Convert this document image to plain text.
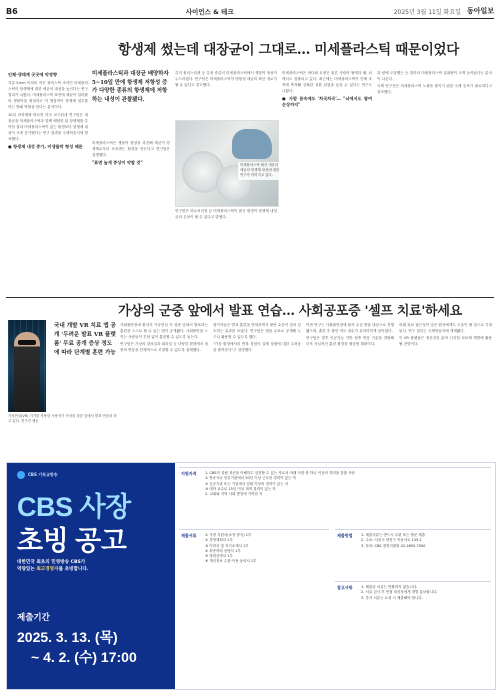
B6	사이언스 & 테크	2025년 3월 11일 화요일 동아일보
항생제 썼는데 대장균이 그대로… 미세플라스틱 때문이었다
인체·생태계 곳곳에 악영향

지름 5mm 이하의 작은 플라스틱 조각인 미세플라스틱이 항생제에 대한 세균의 내성을 높인다는 연구 결과가 나왔다. 미세플라스틱 표면에 세균이 달라붙어 생물막을 형성하고 이 생물막이 항생제 침투를 막는 방패 역할을 한다는 분석이다.

10일 과학계에 따르면 미국 보스턴대 연구팀은 대장균을 미세플라스틱과 함께 배양한 뒤 항생제를 투여한 결과 미세플라스틱이 없는 환경보다 항생제 내성이 크게 증가했다는 연구 결과를 국제학술지에 발표했다.

● 항생제 내성 증가, 미생물막 형성 때문
미세플라스틱과 대장균 배양하자 5~10일 만에 항생제 저항성 증가 다양한 종류의 항생제에 저항하는 내성이 관찰됐다.

미세플라스틱은 생물막 형성을 촉진해 세균이 항생제로부터 보호받는 환경을 만든다고 연구팀은 설명했다.

"표면 높게 증상이 약할 것"

특히 폴리스티렌 등 특정 종류의 미세플라스틱에서 생물막 형성이 두드러졌다. 연구팀은 미세플라스틱이 병원성 세균의 확산 경로가 될 수 있다고 경고했다.

미세플라스틱 확산 대응과 세균의 항생제 내성에 대한 연구가 이어지고 있다.

연구팀은 하수처리장 등 미세플라스틱이 많은 환경이 항생제 내성균의 온상이 될 수 있다고 밝혔다.

미세플라스틱은 바다와 토양은 물론 사람의 혈액과 폐, 뇌에서도 검출되고 있다. 최근에는 미세플라스틱이 인체 조직에 축적돼 심혈관 질환 위험을 높일 수 있다는 연구도 나왔다.

● 사람 몸속에도 '차곡차곡'… "뇌에서도 쌓여 손상까지"

과 양에 도달했는 등 말미의 미세플라스틱 섭취량이 크게 늘어났다는 분석이 나온다.

국제 연구진은 미세플라스틱 노출을 줄이기 위한 국제 공조가 필요하다고 강조했다.

가상의 군중 앞에서 발표 연습… 사회공포증 '셀프 치료'하세요
국내 개발 VR 치료 앱 공개 '두려운 발표 VR 플랫폼' 무료 공개 증상 정도에 따라 단계별 훈련 가능
가상현실(VR) 기기를 착용한 사용자가 가상의 청중 앞에서 발표 연습을 하고 있다. 연구진 제공

사회불안장애 환자가 가상현실 속 청중 앞에서 발표하는 훈련을 스스로 할 수 있는 앱이 공개됐다. 사회불안을 느끼는 사람들이 부담 없이 훈련할 수 있도록 돕는다.

연구팀은 가상의 강의실과 회의실 등 다양한 환경에서 청중의 반응을 단계적으로 조절할 수 있도록 설계했다.

참가자들은 발표 훈련을 반복하면서 불안 수준이 점차 감소하는 효과를 보였다. 연구팀은 앱을 무료로 공개해 누구나 활용할 수 있도록 했다.

"가상 환경에서의 반복 경험이 실제 상황에 대한 두려움을 줄여준다"고 설명했다.

이번 연구는 사회불안장애 환자 수십 명을 대상으로 진행됐으며, 훈련 후 불안 척도 점수가 유의미하게 낮아졌다.

연구팀은 향후 인공지능 기반 청중 반응 기술을 결합해 더욱 사실적인 훈련 환경을 제공할 계획이다.

외래 치료 접근성이 낮은 환자에게도 도움이 될 것으로 기대된다. 연구 결과는 국제학술지에 게재됐다.

이 VR 플랫폼은 정신건강 분야 디지털 치료제 개발에 활용될 전망이다.

CBS 기독교방송
CBS 사장
초빙 공고
대한민국 최초의 민영방송 CBS가
역량있는 최고경영자를 초빙합니다.
제출기간
2025. 3. 13. (목)
~ 4. 2. (수) 17:00
지원자격 1. CBS의 설립 정신을 이해하고 실현할 수 있는 자로서 아래 사항 중 하나 이상의 경력을 갖춘 사람
① 방송사나 언론기관에서 20년 이상 근무한 경력이 있는 자
② 공공기관 또는 기업에서 임원 이상의 경력이 있는 자
③ 대학 교수로 15년 이상 재직 경력이 있는 자
2. 교회와 지역 사회 발전에 기여한 자
제출서류 ① 사장 지원서(소정 양식) 1부
② 경영계획서 1부
③ 이력서 및 자기소개서 1부
④ 최종학력 증명서 1부
⑤ 경력증명서 1부
⑥ 개인정보 수집·이용 동의서 1부
제출방법 1. 제출서류는 반드시 우편 또는 방문 제출
2. 주소: 서울시 양천구 목동서로 159-1
3. 문의: CBS 경영지원팀 02-2650-7000
참고사항 1. 제출된 서류는 반환하지 않습니다.
2. 서류 심사 후 면접 대상자에게 개별 통보합니다.
3. 추가 서류는 요청 시 제출해야 합니다.
